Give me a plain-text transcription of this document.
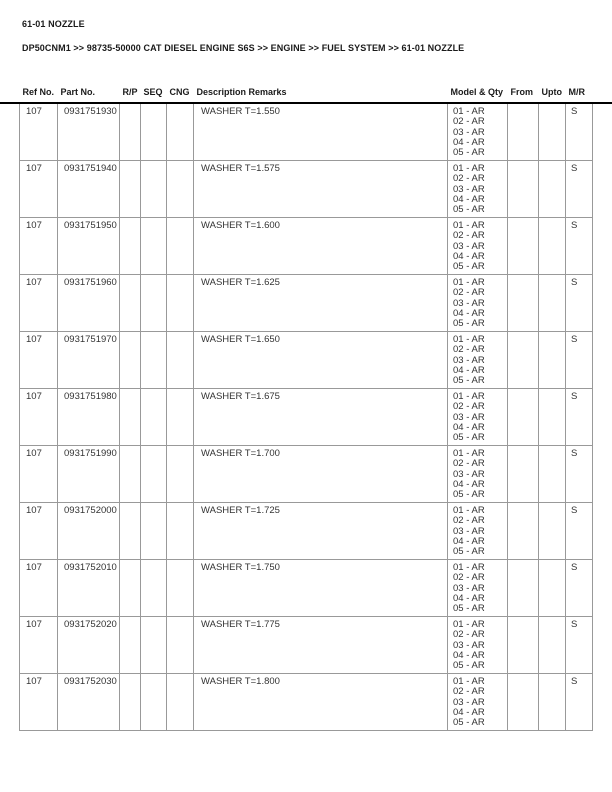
61-01 NOZZLE
DP50CNM1 >> 98735-50000 CAT DIESEL ENGINE S6S >> ENGINE >> FUEL SYSTEM >> 61-01 NOZZLE
Ref No.	Part No.	R/P	SEQ	CNG	Description Remarks	Model & Qty	From	Upto	M/R
107	0931751930				WASHER T=1.550	01 - AR
02 - AR
03 - AR
04 - AR
05 - AR			S
107	0931751940				WASHER T=1.575	01 - AR
02 - AR
03 - AR
04 - AR
05 - AR			S
107	0931751950				WASHER T=1.600	01 - AR
02 - AR
03 - AR
04 - AR
05 - AR			S
107	0931751960				WASHER T=1.625	01 - AR
02 - AR
03 - AR
04 - AR
05 - AR			S
107	0931751970				WASHER T=1.650	01 - AR
02 - AR
03 - AR
04 - AR
05 - AR			S
107	0931751980				WASHER T=1.675	01 - AR
02 - AR
03 - AR
04 - AR
05 - AR			S
107	0931751990				WASHER T=1.700	01 - AR
02 - AR
03 - AR
04 - AR
05 - AR			S
107	0931752000				WASHER T=1.725	01 - AR
02 - AR
03 - AR
04 - AR
05 - AR			S
107	0931752010				WASHER T=1.750	01 - AR
02 - AR
03 - AR
04 - AR
05 - AR			S
107	0931752020				WASHER T=1.775	01 - AR
02 - AR
03 - AR
04 - AR
05 - AR			S
107	0931752030				WASHER T=1.800	01 - AR
02 - AR
03 - AR
04 - AR
05 - AR			S
